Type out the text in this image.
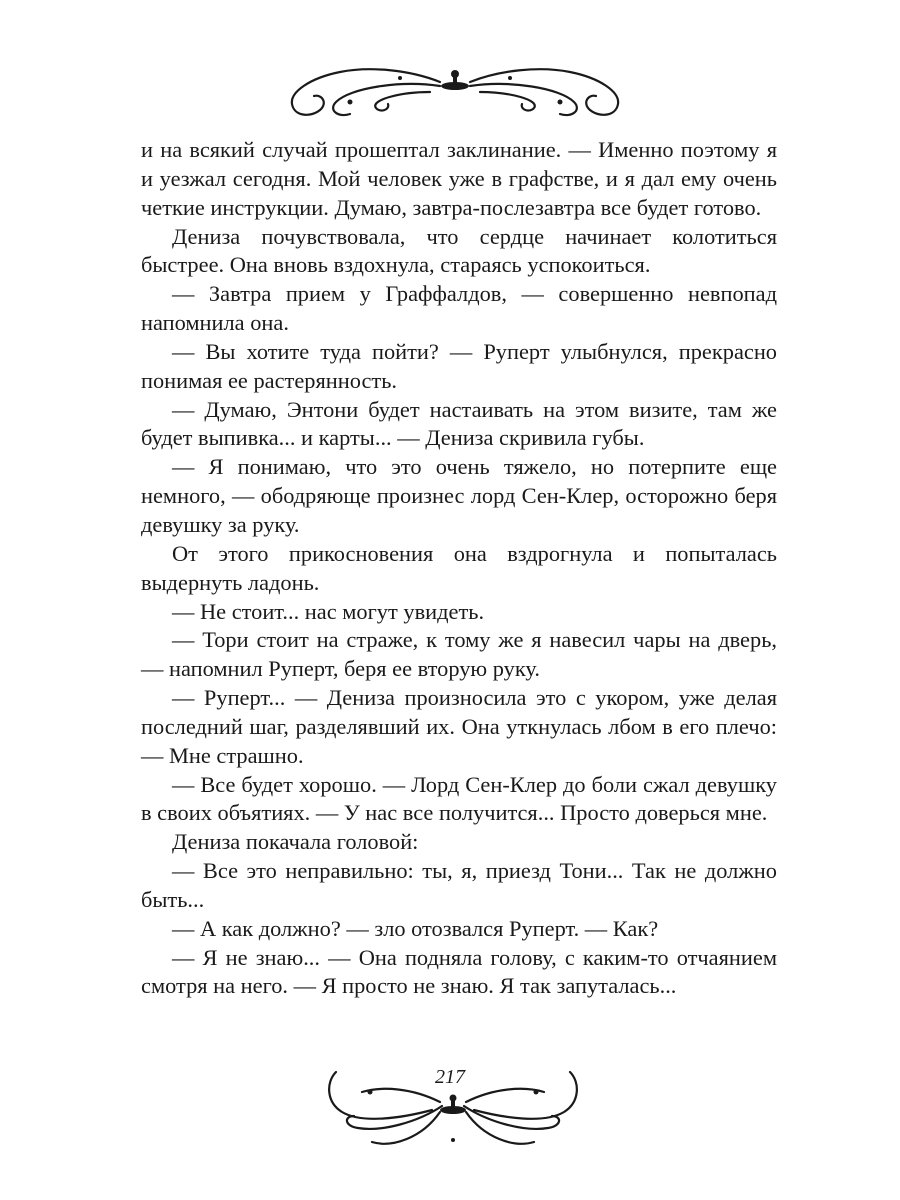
и на всякий случай прошептал заклинание. — Именно поэтому я и уезжал сегодня. Мой человек уже в графстве, и я дал ему очень четкие инструкции. Думаю, завтра-послезавтра все будет готово.

Дениза почувствовала, что сердце начинает колотиться быстрее. Она вновь вздохнула, стараясь успокоиться.

— Завтра прием у Граффалдов, — совершенно невпопад напомнила она.

— Вы хотите туда пойти? — Руперт улыбнулся, прекрасно понимая ее растерянность.

— Думаю, Энтони будет настаивать на этом визите, там же будет выпивка... и карты... — Дениза скривила губы.

— Я понимаю, что это очень тяжело, но потерпите еще немного, — ободряюще произнес лорд Сен-Клер, осторожно беря девушку за руку.

От этого прикосновения она вздрогнула и попыталась выдернуть ладонь.

— Не стоит... нас могут увидеть.

— Тори стоит на страже, к тому же я навесил чары на дверь, — напомнил Руперт, беря ее вторую руку.

— Руперт... — Дениза произносила это с укором, уже делая последний шаг, разделявший их. Она уткнулась лбом в его плечо: — Мне страшно.

— Все будет хорошо. — Лорд Сен-Клер до боли сжал девушку в своих объятиях. — У нас все получится... Просто доверься мне.

Дениза покачала головой:

— Все это неправильно: ты, я, приезд Тони... Так не должно быть...

— А как должно? — зло отозвался Руперт. — Как?

— Я не знаю... — Она подняла голову, с каким-то отчаянием смотря на него. — Я просто не знаю. Я так запуталась...

217
